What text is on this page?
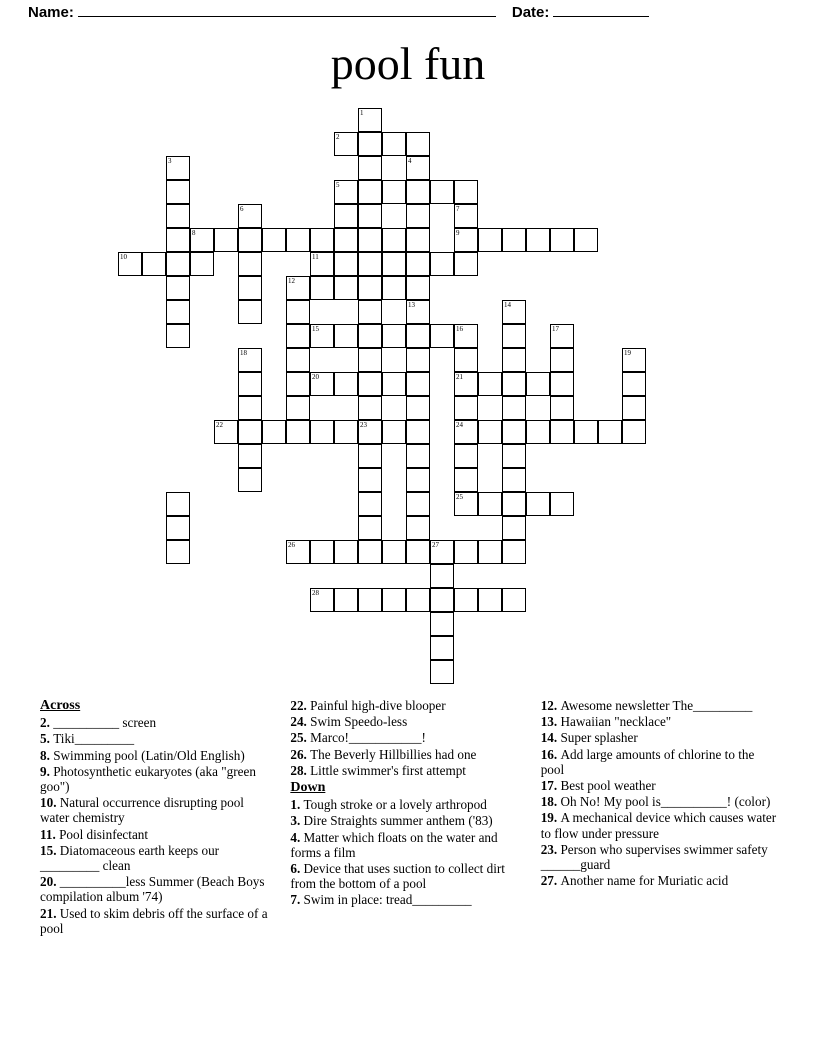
Name:	Date:
pool fun
1
2
3	4
5
6	7
8	9
10	11
12
13	14
15	16	17
18	19
20	21
22	23	24
25
26	27
28
Across
2. __________ screen
5. Tiki_________
8. Swimming pool (Latin/Old English)
9. Photosynthetic eukaryotes (aka "green goo")
10. Natural occurrence disrupting pool water chemistry
11. Pool disinfectant
15. Diatomaceous earth keeps our _________ clean
20. __________less Summer (Beach Boys compilation album '74)
21. Used to skim debris off the surface of a pool
22. Painful high-dive blooper
24. Swim Speedo-less
25. Marco!___________!
26. The Beverly Hillbillies had one
28. Little swimmer's first attempt
Down
1. Tough stroke or a lovely arthropod
3. Dire Straights summer anthem ('83)
4. Matter which floats on the water and forms a film
6. Device that uses suction to collect dirt from the bottom of a pool
7. Swim in place: tread_________
12. Awesome newsletter The_________
13. Hawaiian "necklace"
14. Super splasher
16. Add large amounts of chlorine to the pool
17. Best pool weather
18. Oh No! My pool is__________! (color)
19. A mechanical device which causes water to flow under pressure
23. Person who supervises swimmer safety ______guard
27. Another name for Muriatic acid
